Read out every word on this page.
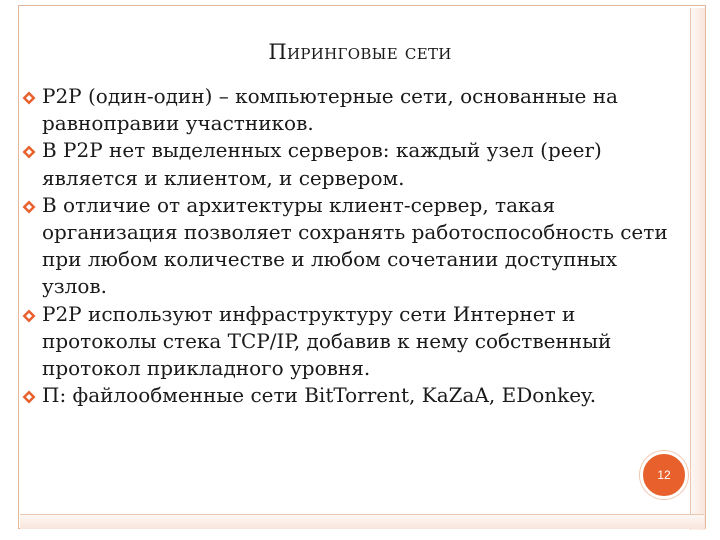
Пиринговые сети
P2P (один-один) – компьютерные сети, основанные на равноправии участников.
В P2P нет выделенных серверов: каждый узел (peer) является и клиентом, и сервером.
В отличие от архитектуры клиент-сервер, такая организация позволяет сохранять работоспособность сети при любом количестве и любом сочетании доступных узлов.
P2P используют инфраструктуру сети Интернет и протоколы стека TCP/IP, добавив к нему собственный протокол прикладного уровня.
П: файлообменные сети BitTorrent, KaZaA, EDonkey.
12
